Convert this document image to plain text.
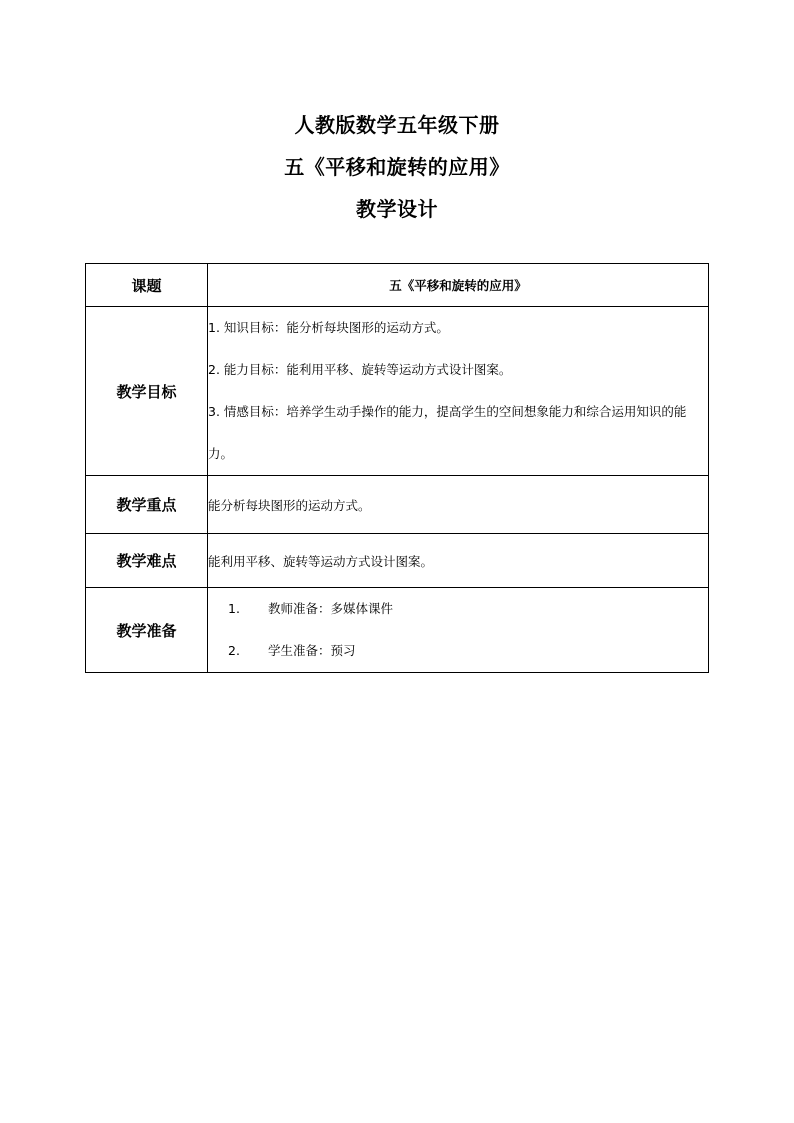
人教版数学五年级下册
五《平移和旋转的应用》
教学设计
课题	五《平移和旋转的应用》
教学目标	1. 知识目标：能分析每块图形的运动方式。
2. 能力目标：能利用平移、旋转等运动方式设计图案。
3. 情感目标：培养学生动手操作的能力，提高学生的空间想象能力和综合运用知识的能力。

教学重点	能分析每块图形的运动方式。
教学难点	能利用平移、旋转等运动方式设计图案。
教学准备	1. 教师准备：多媒体课件
2. 学生准备：预习
